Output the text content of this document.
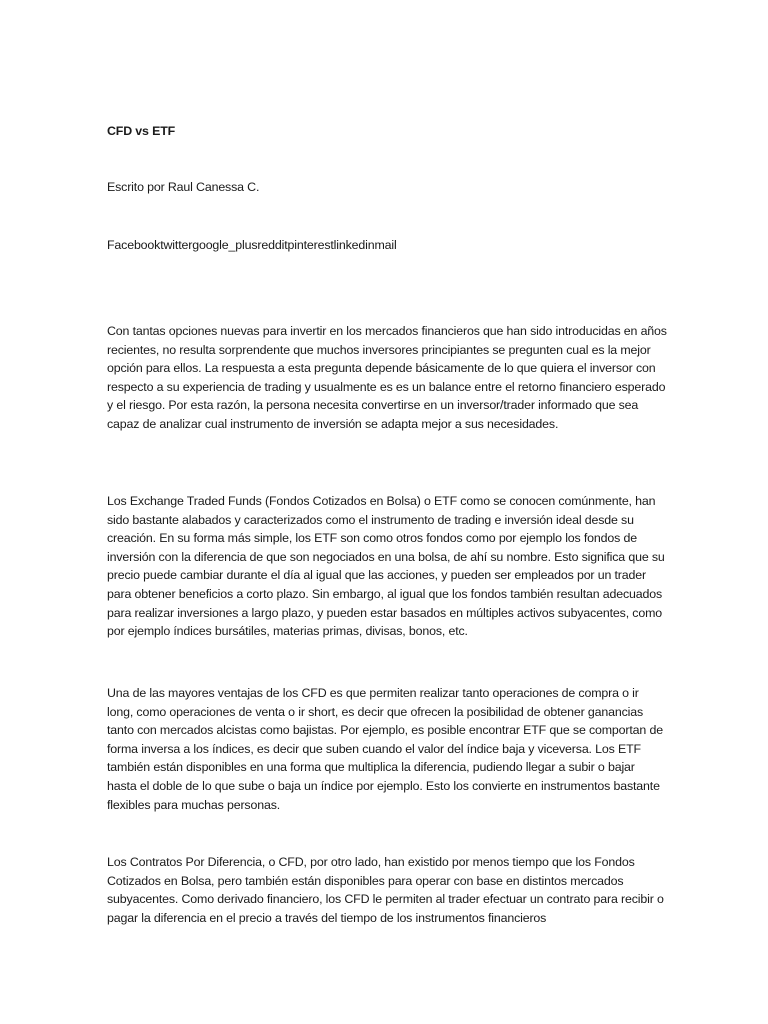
CFD vs ETF

Escrito por Raul Canessa C.

Facebooktwittergoogle_plusredditpinterestlinkedinmail

Con tantas opciones nuevas para invertir en los mercados financieros que han sido introducidas en años recientes, no resulta sorprendente que muchos inversores principiantes se pregunten cual es la mejor opción para ellos. La respuesta a esta pregunta depende básicamente de lo que quiera el inversor con respecto a su experiencia de trading y usualmente es es un balance entre el retorno financiero esperado y el riesgo. Por esta razón, la persona necesita convertirse en un inversor/trader informado que sea capaz de analizar cual instrumento de inversión se adapta mejor a sus necesidades.

Los Exchange Traded Funds (Fondos Cotizados en Bolsa) o ETF como se conocen comúnmente, han sido bastante alabados y caracterizados como el instrumento de trading e inversión ideal desde su creación. En su forma más simple, los ETF son como otros fondos como por ejemplo los fondos de inversión con la diferencia de que son negociados en una bolsa, de ahí su nombre. Esto significa que su precio puede cambiar durante el día al igual que las acciones, y pueden ser empleados por un trader para obtener beneficios a corto plazo. Sin embargo, al igual que los fondos también resultan adecuados para realizar inversiones a largo plazo, y pueden estar basados en múltiples activos subyacentes, como por ejemplo índices bursátiles, materias primas, divisas, bonos, etc.

Una de las mayores ventajas de los CFD es que permiten realizar tanto operaciones de compra o ir long, como operaciones de venta o ir short, es decir que ofrecen la posibilidad de obtener ganancias tanto con mercados alcistas como bajistas. Por ejemplo, es posible encontrar ETF que se comportan de forma inversa a los índices, es decir que suben cuando el valor del índice baja y viceversa. Los ETF también están disponibles en una forma que multiplica la diferencia, pudiendo llegar a subir o bajar hasta el doble de lo que sube o baja un índice por ejemplo. Esto los convierte en instrumentos bastante flexibles para muchas personas.

Los Contratos Por Diferencia, o CFD, por otro lado, han existido por menos tiempo que los Fondos Cotizados en Bolsa, pero también están disponibles para operar con base en distintos mercados subyacentes. Como derivado financiero, los CFD le permiten al trader efectuar un contrato para recibir o pagar la diferencia en el precio a través del tiempo de los instrumentos financieros
